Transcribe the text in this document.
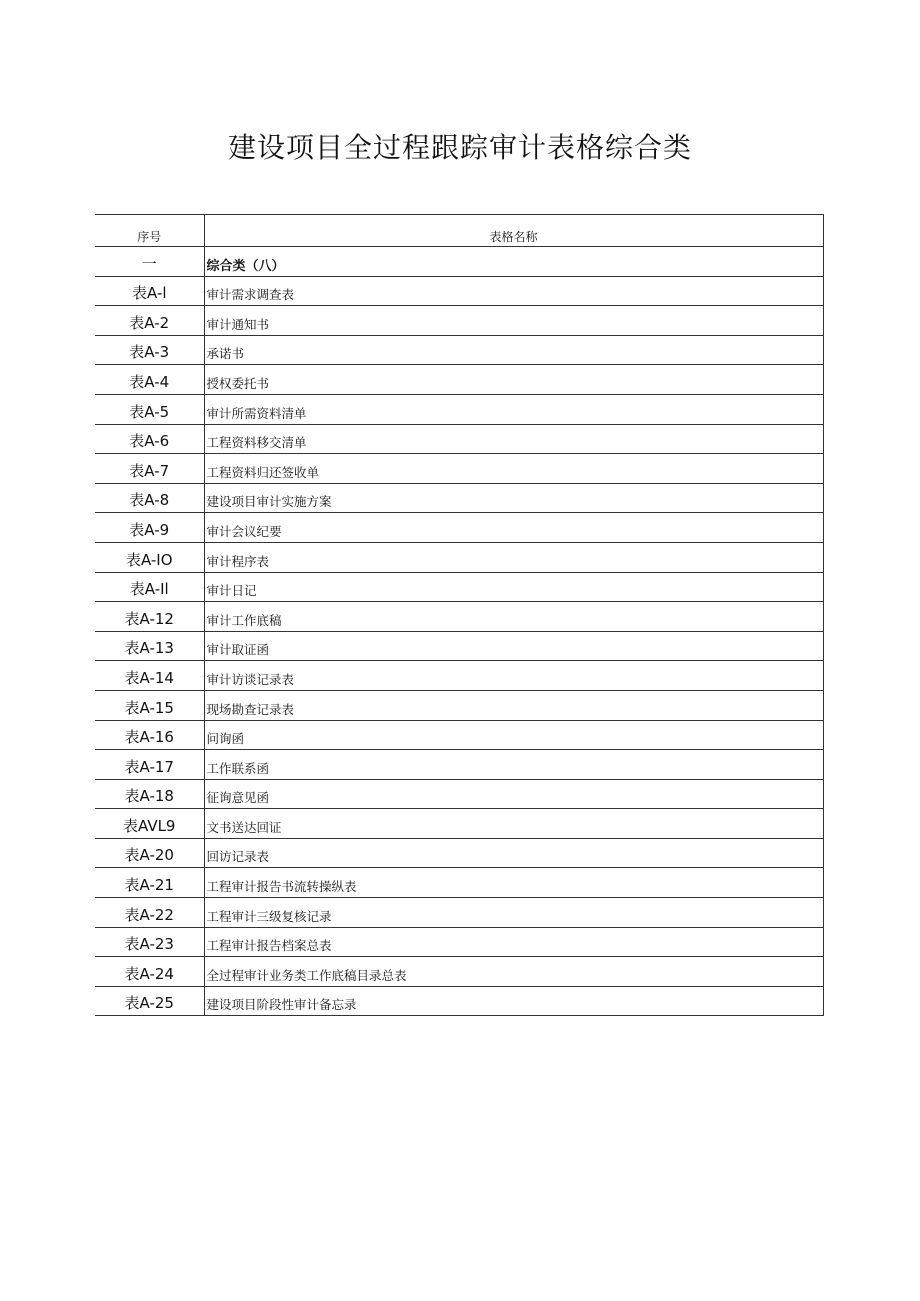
建设项目全过程跟踪审计表格综合类
序号	表格名称
一	综合类（八）
表A-l	审计需求调查表
表A-2	审计通知书
表A-3	承诺书
表A-4	授权委托书
表A-5	审计所需资料清单
表A-6	工程资料移交清单
表A-7	工程资料归还签收单
表A-8	建设项目审计实施方案
表A-9	审计会议纪要
表A-IO	审计程序表
表A-Il	审计日记
表A-12	审计工作底稿
表A-13	审计取证函
表A-14	审计访谈记录表
表A-15	现场勘查记录表
表A-16	问询函
表A-17	工作联系函
表A-18	征询意见函
表AVL9	文书送达回证
表A-20	回访记录表
表A-21	工程审计报告书流转操纵表
表A-22	工程审计三级复核记录
表A-23	工程审计报告档案总表
表A-24	全过程审计业务类工作底稿目录总表
表A-25	建设项目阶段性审计备忘录
